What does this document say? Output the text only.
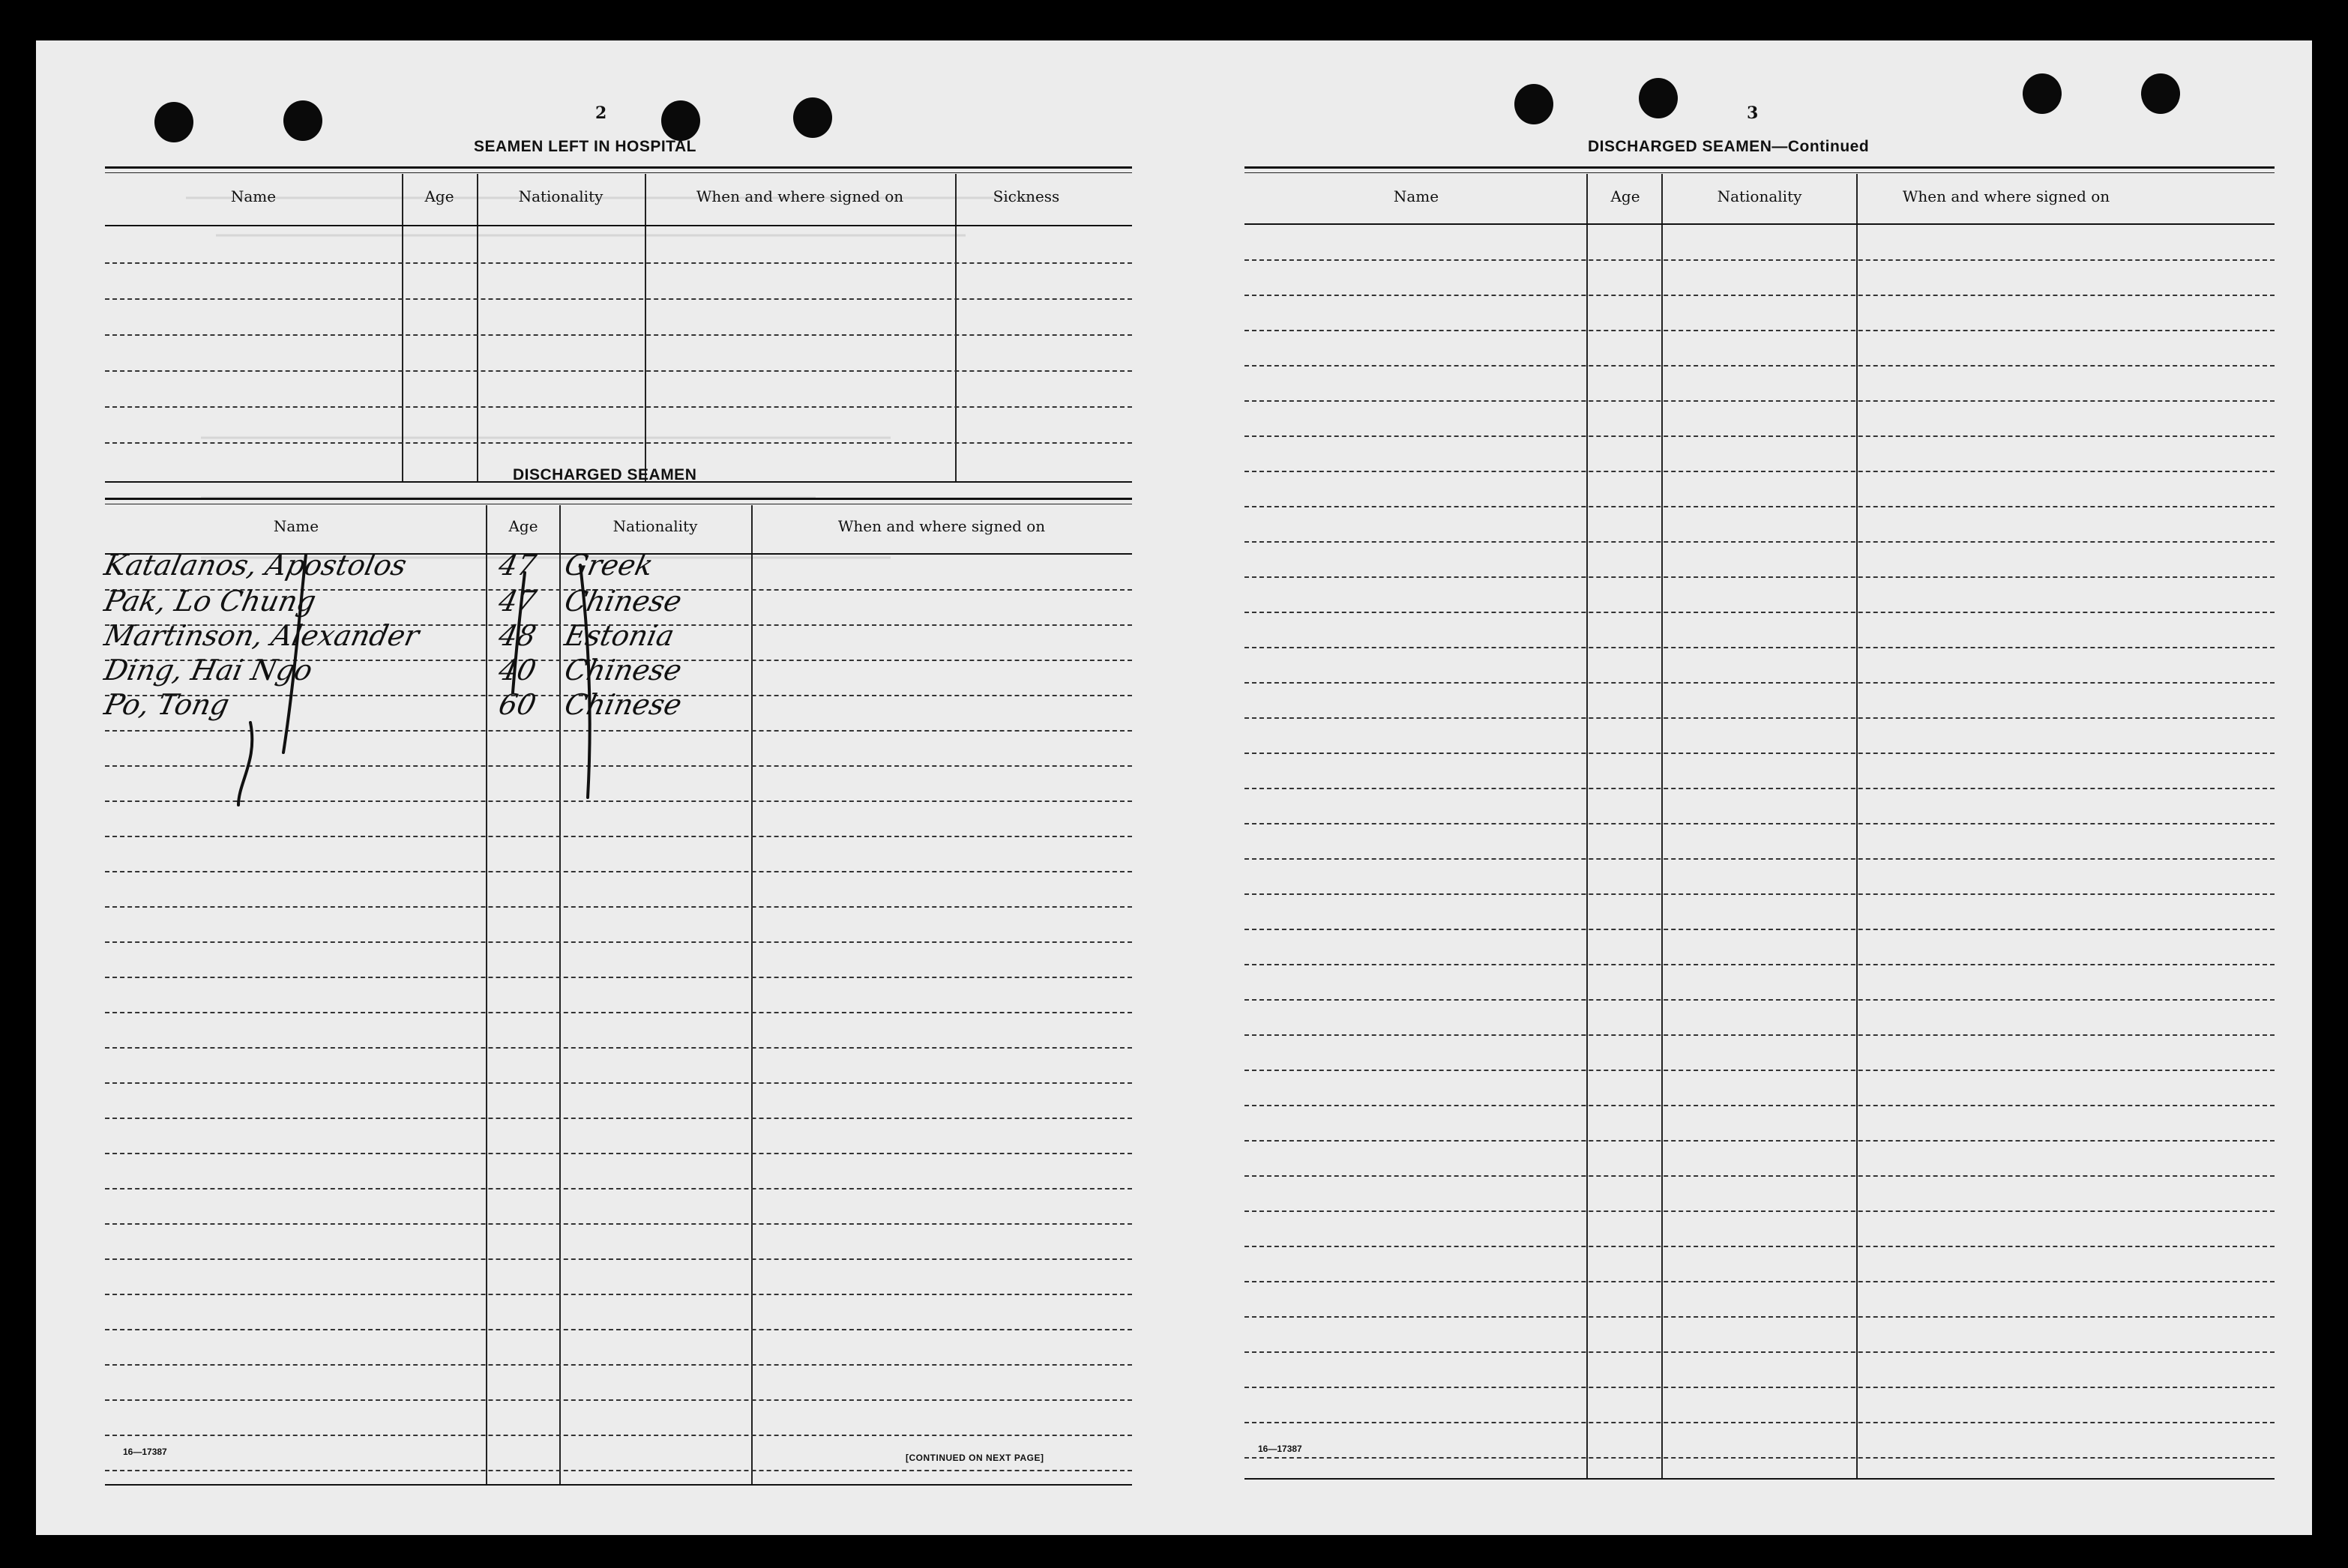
2
SEAMEN LEFT IN HOSPITAL
Name	Age	Nationality	When and where signed on	Sickness
DISCHARGED SEAMEN
Name	Age	Nationality	When and where signed on
Katalanos, Apostolos	47 Greek
Pak, Lo Chung	47 Chinese
Martinson, Alexander	48 Estonia
Ding, Hai Ngo	40 Chinese
Po, Tong	60 Chinese
16—17387
[CONTINUED ON NEXT PAGE]
3
DISCHARGED SEAMEN—Continued
Name	Age	Nationality	When and where signed on
16—17387
